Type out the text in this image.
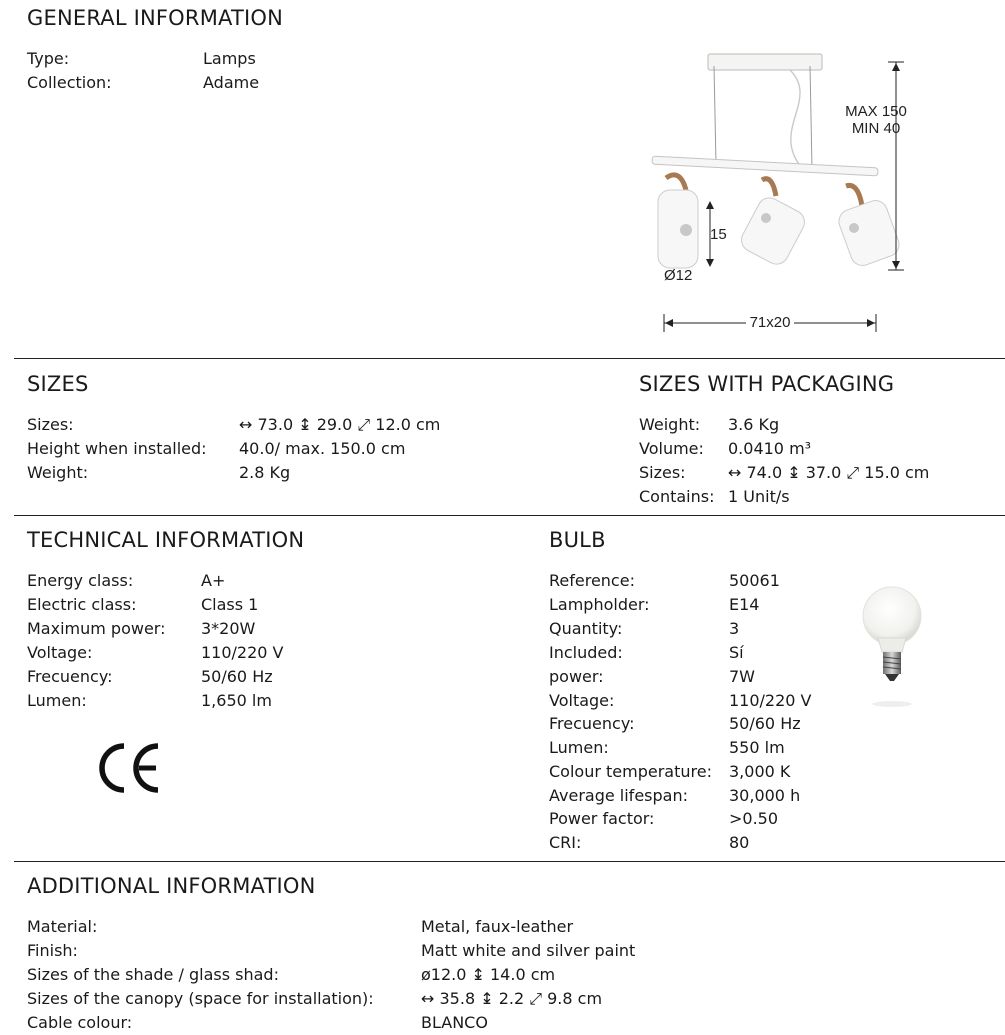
GENERAL INFORMATION
Type:	Lamps
Collection:	Adame
MAX 150
MIN 40
15
Ø12
71x20
SIZES
Sizes:	↔ 73.0 ↨ 29.0 ⤢ 12.0 cm
Height when installed: 40.0/ max. 150.0 cm
Weight:	2.8 Kg
SIZES WITH PACKAGING
Weight: 3.6 Kg
Volume: 0.0410 m³
Sizes:	↔ 74.0 ↨ 37.0 ⤢ 15.0 cm
Contains: 1 Unit/s
TECHNICAL INFORMATION
Energy class:	A+
Electric class:	Class 1
Maximum power: 3*20W
Voltage:	110/220 V
Frecuency:	50/60 Hz
Lumen:	1,650 lm
BULB
Reference:	50061
Lampholder:	E14
Quantity:	3
Included:	Sí
power:	7W
Voltage:	110/220 V
Frecuency:	50/60 Hz
Lumen:	550 lm
Colour temperature: 3,000 K
Average lifespan:	30,000 h
Power factor:	>0.50
CRI:	80
ADDITIONAL INFORMATION
Material:	Metal, faux-leather
Finish:	Matt white and silver paint
Sizes of the shade / glass shad:	ø12.0 ↨ 14.0 cm
Sizes of the canopy (space for installation):	↔ 35.8 ↨ 2.2 ⤢ 9.8 cm
Cable colour:	BLANCO
